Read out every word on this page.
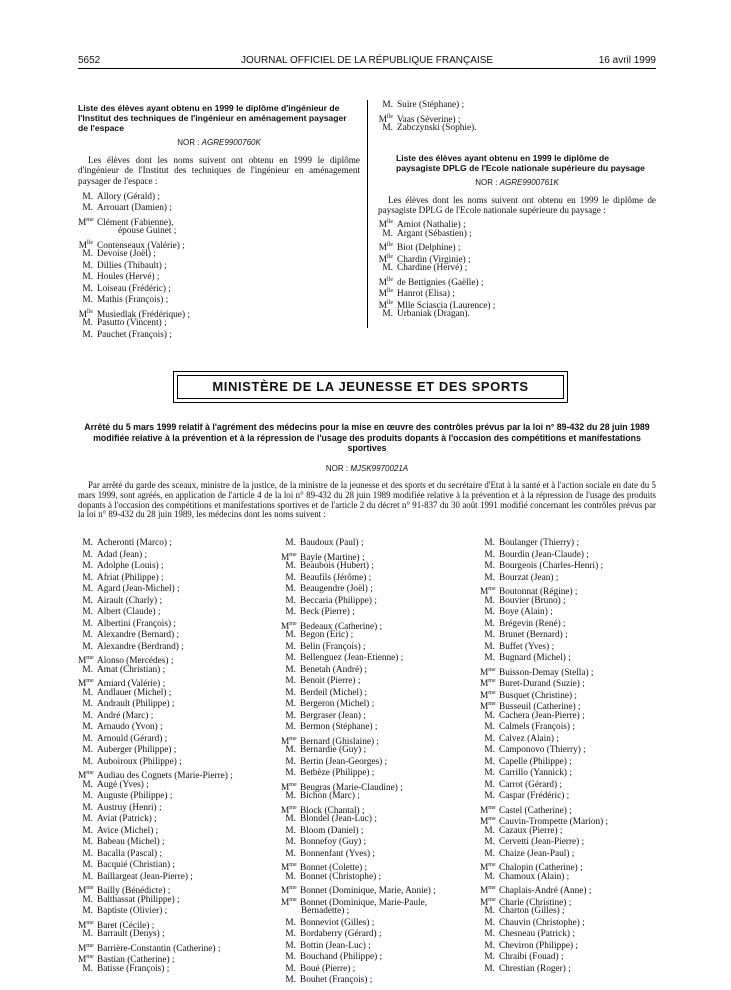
5652	JOURNAL OFFICIEL DE LA RÉPUBLIQUE FRANÇAISE	16 avril 1999
Liste des élèves ayant obtenu en 1999 le diplôme d'ingénieur de l'Institut des techniques de l'ingénieur en aménagement paysager de l'espace
NOR : AGRE9900760K
Les élèves dont les noms suivent ont obtenu en 1999 le diplôme d'ingénieur de l'Institut des techniques de l'ingénieur en aménagement paysager de l'espace :
M. Allory (Gérald) ;
M. Arrouart (Damien) ;
$M^{me}$ Clément (Fabienne),
épouse Guinet ;
$M^{lle}$ Contenseaux (Valérie) ;
M. Devoise (Joël) ;
M. Dillies (Thibault) ;
M. Houles (Hervé) ;
M. Loiseau (Frédéric) ;
M. Mathis (François) ;
$M^{lle}$ Musiedlak (Frédérique) ;
M. Pasutto (Vincent) ;
M. Pauchet (François) ;
M. Suire (Stéphane) ;
$M^{lle}$ Vaas (Séverine) ;
M. Zabczynski (Sophie).
Liste des élèves ayant obtenu en 1999 le diplôme de paysagiste DPLG de l'Ecole nationale supérieure du paysage
NOR : AGRE9900761K
Les élèves dont les noms suivent ont obtenu en 1999 le diplôme de paysagiste DPLG de l'Ecole nationale supérieure du paysage :
$M^{lle}$ Amiot (Nathalie) ;
M. Argant (Sébastien) ;
$M^{lle}$ Biot (Delphine) ;
$M^{lle}$ Chardin (Virginie) ;
M. Chardine (Hervé) ;
$M^{lle}$ de Bettignies (Gaëlle) ;
$M^{lle}$ Hanrot (Elisa) ;
$M^{lle}$ Mlle Sciascia (Laurence) ;
M. Urbaniak (Dragan).
MINISTÈRE DE LA JEUNESSE ET DES SPORTS
Arrêté du 5 mars 1999 relatif à l'agrément des médecins pour la mise en œuvre des contrôles prévus par la loi n° 89-432 du 28 juin 1989 modifiée relative à la prévention et à la répression de l'usage des produits dopants à l'occasion des compétitions et manifestations sportives
NOR : MJSK9970021A
Par arrêté du garde des sceaux, ministre de la justice, de la ministre de la jeunesse et des sports et du secrétaire d'Etat à la santé et à l'action sociale en date du 5 mars 1999, sont agréés, en application de l'article 4 de la loi n° 89-432 du 28 juin 1989 modifiée relative à la prévention et à la répression de l'usage des produits dopants à l'occasion des compétitions et manifestations sportives et de l'article 2 du décret n° 91-837 du 30 août 1991 modifié concernant les contrôles prévus par la loi n° 89-432 du 28 juin 1989, les médecins dont les noms suivent :
M. Acheronti (Marco) ;
M. Adad (Jean) ;
M. Adolphe (Louis) ;
M. Afriat (Philippe) ;
M. Agard (Jean-Michel) ;
M. Airault (Charly) ;
M. Albert (Claude) ;
M. Albertini (François) ;
M. Alexandre (Bernard) ;
M. Alexandre (Berdrand) ;
$M^{me}$ Alonso (Mercédes) ;
M. Amat (Christian) ;
$M^{me}$ Amiard (Valérie) ;
M. Andlauer (Michel) ;
M. Andrault (Philippe) ;
M. André (Marc) ;
M. Arnaudo (Yvon) ;
M. Arnould (Gérard) ;
M. Auberger (Philippe) ;
M. Auboiroux (Philippe) ;
$M^{me}$ Audiau des Cognets (Marie-Pierre) ;
M. Augé (Yves) ;
M. Auguste (Philippe) ;
M. Austruy (Henri) ;
M. Aviat (Patrick) ;
M. Avice (Michel) ;
M. Babeau (Michel) ;
M. Bacalla (Pascal) ;
M. Bacquié (Christian) ;
M. Baillargeat (Jean-Pierre) ;
$M^{me}$ Bailly (Bénédicte) ;
M. Balthassat (Philippe) ;
M. Baptiste (Olivier) ;
$M^{me}$ Baret (Cécile) ;
M. Barrault (Denys) ;
$M^{me}$ Barrière-Constantin (Catherine) ;
$M^{me}$ Bastian (Catherine) ;
M. Batisse (François) ;
M. Baudoux (Paul) ;
$M^{me}$ Bayle (Martine) ;
M. Beaubois (Hubert) ;
M. Beaufils (Jérôme) ;
M. Beaugendre (Joël) ;
M. Beccaria (Philippe) ;
M. Beck (Pierre) ;
$M^{me}$ Bedeaux (Catherine) ;
M. Begon (Eric) ;
M. Belin (François) ;
M. Bellenguez (Jean-Etienne) ;
M. Benetah (André) ;
M. Benoit (Pierre) ;
M. Berdeil (Michel) ;
M. Bergeron (Michel) ;
M. Bergraser (Jean) ;
M. Bermon (Stéphane) ;
$M^{me}$ Bernard (Ghislaine) ;
M. Bernardie (Guy) ;
M. Bertin (Jean-Georges) ;
M. Betbèze (Philippe) ;
$M^{me}$ Beugras (Marie-Claudine) ;
M. Bichon (Marc) ;
$M^{me}$ Block (Chantal) ;
M. Blondel (Jean-Luc) ;
M. Bloom (Daniel) ;
M. Bonnefoy (Guy) ;
M. Bonnenfant (Yves) ;
$M^{me}$ Bonnet (Colette) ;
M. Bonnet (Christophe) ;
$M^{me}$ Bonnet (Dominique, Marie, Annie) ;
$M^{me}$ Bonnet (Dominique, Marie-Paule,
Bernadette) ;
M. Bonneviot (Gilles) ;
M. Bordaberry (Gérard) ;
M. Bottin (Jean-Luc) ;
M. Bouchand (Philippe) ;
M. Boué (Pierre) ;
M. Bouhet (François) ;
M. Boulanger (Thierry) ;
M. Bourdin (Jean-Claude) ;
M. Bourgeois (Charles-Henri) ;
M. Bourzat (Jean) ;
$M^{me}$ Boutonnat (Régine) ;
M. Bouvier (Bruno) ;
M. Boye (Alain) ;
M. Brégevin (René) ;
M. Brunet (Bernard) ;
M. Buffet (Yves) ;
M. Bugnard (Michel) ;
$M^{me}$ Buisson-Demay (Stella) ;
$M^{me}$ Buret-Durand (Suzie) ;
$M^{me}$ Busquet (Christine) ;
$M^{me}$ Busseuil (Catherine) ;
M. Cachera (Jean-Pierre) ;
M. Calmels (François) ;
M. Calvez (Alain) ;
M. Camponovo (Thierry) ;
M. Capelle (Philippe) ;
M. Carrillo (Yannick) ;
M. Carrot (Gérard) ;
M. Caspar (Frédéric) ;
$M^{me}$ Castel (Catherine) ;
$M^{me}$ Cauvin-Trompette (Marion) ;
M. Cazaux (Pierre) ;
M. Cervetti (Jean-Pierre) ;
M. Chaize (Jean-Paul) ;
$M^{me}$ Chalopin (Catherine) ;
M. Chamoux (Alain) ;
$M^{me}$ Chaplais-André (Anne) ;
$M^{me}$ Charle (Christine) ;
M. Charton (Gilles) ;
M. Chauvin (Christophe) ;
M. Chesneau (Patrick) ;
M. Cheviron (Philippe) ;
M. Chraibi (Fouad) ;
M. Chrestian (Roger) ;
